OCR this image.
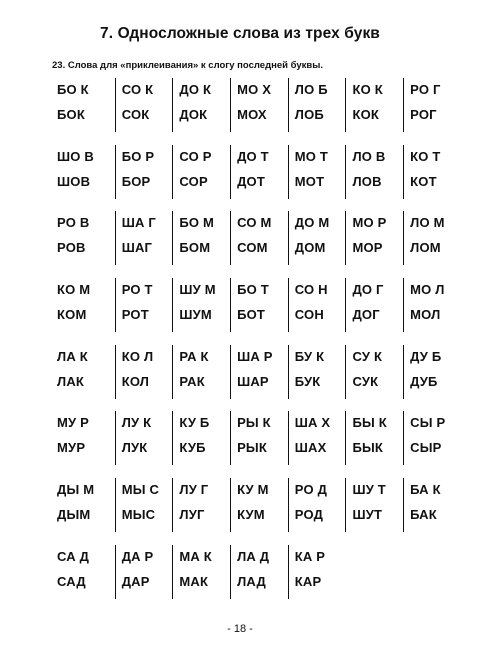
7. Односложные слова из трех букв
23. Слова для «приклеивания» к слогу последней буквы.
БО К
БОК
СО К
СОК
ДО К
ДОК
МО Х
МОХ
ЛО Б
ЛОБ
КО К
КОК
РО Г
РОГ
ШО В
ШОВ
БО Р
БОР
СО Р
СОР
ДО Т
ДОТ
МО Т
МОТ
ЛО В
ЛОВ
КО Т
КОТ
РО В
РОВ
ША Г
ШАГ
БО М
БОМ
СО М
СОМ
ДО М
ДОМ
МО Р
МОР
ЛО М
ЛОМ
КО М
КОМ
РО Т
РОТ
ШУ М
ШУМ
БО Т
БОТ
СО Н
СОН
ДО Г
ДОГ
МО Л
МОЛ
ЛА К
ЛАК
КО Л
КОЛ
РА К
РАК
ША Р
ШАР
БУ К
БУК
СУ К
СУК
ДУ Б
ДУБ
МУ Р
МУР
ЛУ К
ЛУК
КУ Б
КУБ
РЫ К
РЫК
ША Х
ШАХ
БЫ К
БЫК
СЫ Р
СЫР
ДЫ М
ДЫМ
МЫ С
МЫС
ЛУ Г
ЛУГ
КУ М
КУМ
РО Д
РОД
ШУ Т
ШУТ
БА К
БАК
СА Д
САД
ДА Р
ДАР
МА К
МАК
ЛА Д
ЛАД
КА Р
КАР
- 18 -
